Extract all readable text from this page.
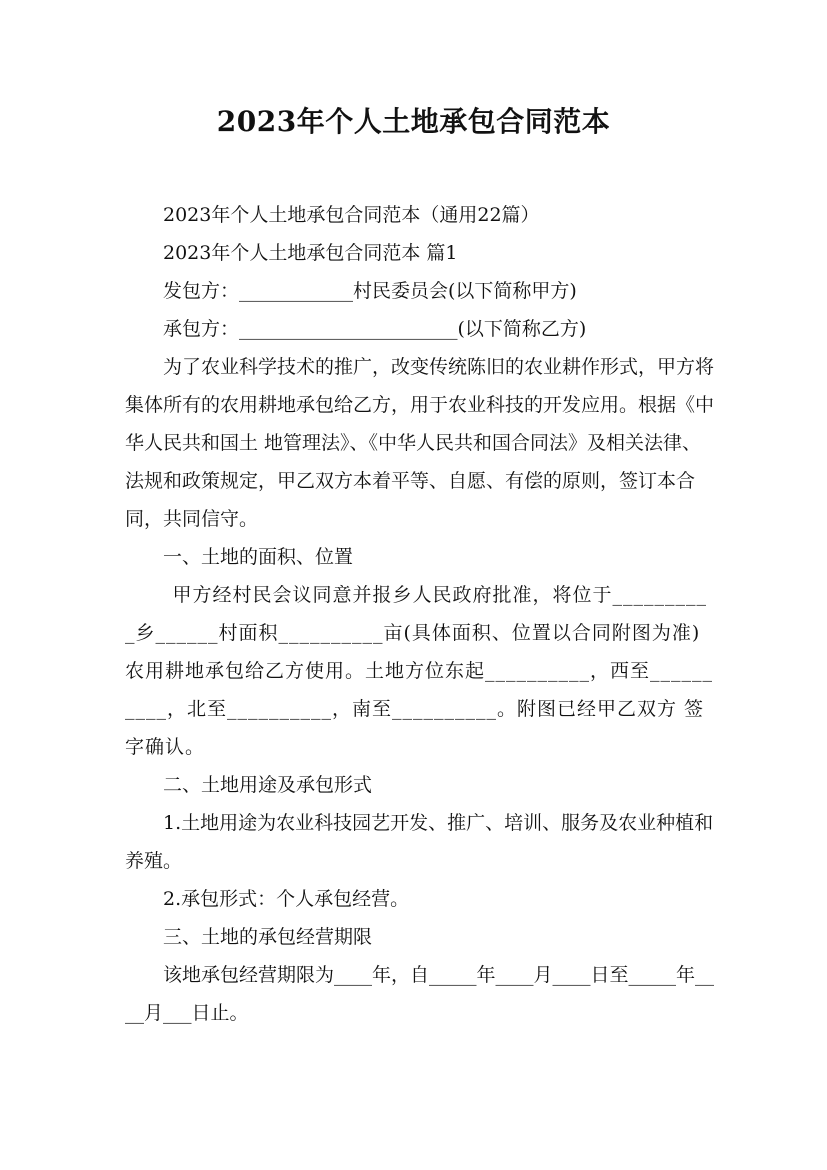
2023年个人土地承包合同范本

2023年个人土地承包合同范本（通用22篇）

2023年个人土地承包合同范本 篇1

发包方：____________村民委员会(以下简称甲方)

承包方：_______________________(以下简称乙方)

为了农业科学技术的推广，改变传统陈旧的农业耕作形式，甲方将集体所有的农用耕地承包给乙方，用于农业科技的开发应用。根据《中华人民共和国土 地管理法》、《中华人民共和国合同法》及相关法律、法规和政策规定，甲乙双方本着平等、自愿、有偿的原则，签订本合同，共同信守。

一、土地的面积、位置

甲方经村民会议同意并报乡人民政府批准，将位于__________乡______村面积__________亩(具体面积、位置以合同附图为准) 农用耕地承包给乙方使用。土地方位东起__________，西至__________，北至__________，南至__________。附图已经甲乙双方 签字确认。

二、土地用途及承包形式

1.土地用途为农业科技园艺开发、推广、培训、服务及农业种植和养殖。

2.承包形式：个人承包经营。

三、土地的承包经营期限

该地承包经营期限为____年，自_____年____月____日至_____年____月___日止。
